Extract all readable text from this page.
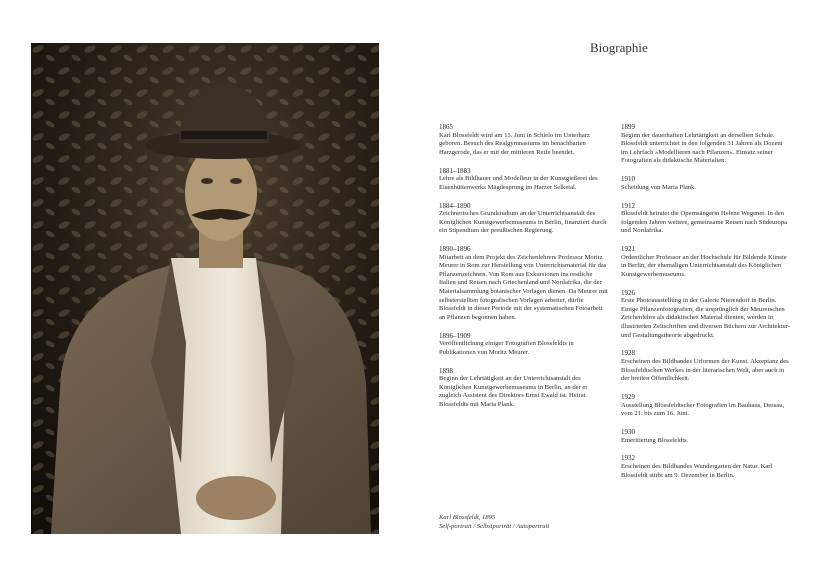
Biographie
1865
Karl Blossfeldt wird am 13. Juni in Schielo im Unterharz geboren. Besuch des Realgymnasiums im benachbarten Harzgerode, das er mit der mittleren Reife beendet.
1881–1883
Lehre als Bildhauer und Modelleur in der Kunstgießerei des Eisenhüttenwerks Mägdesprung im Harzer Selketal.
1884–1890
Zeichnerisches Grundstudium an der Unterrichtsanstalt des Königlichen Kunstgewerbemuseums in Berlin, finanziert durch ein Stipendium der preußischen Regierung.
1890–1896
Mitarbeit an dem Projekt des Zeichenlehrers Professor Moritz Meurer in Rom zur Herstellung von Unterrichtsmaterial für das Pflanzenzeichnen. Von Rom aus Exkursionen ins restliche Italien und Reisen nach Griechenland und Nordafrika, die der Materialsammlung botanischer Vorlagen dienen. Da Meurer mit selbsterstellten fotografischen Vorlagen arbeitet, dürfte Blossfeldt in dieser Periode mit der systematischen Fotoarbeit an Pflanzen begonnen haben.
1896–1909
Veröffentlichung einiger Fotografien Blossfeldts in Publikationen von Moritz Meurer.
1898
Beginn der Lehrtätigkeit an der Unterrichtsanstalt des Königlichen Kunstgewerbemuseums in Berlin, an der er zugleich Assistent des Direktors Ernst Ewald ist. Heirat Blossfeldts mit Maria Plank.
Karl Blossfeldt, 1895
Self-portrait / Selbstporträt / Autoportrait
1899
Beginn der dauerhaften Lehrtätigkeit an derselben Schule. Blossfeldt unterrichtet in den folgenden 31 Jahren als Dozent im Lehrfach »Modellieren nach Pflanzen«. Einsatz seiner Fotografien als didaktische Materialien.
1910
Scheidung von Maria Plank.
1912
Blossfeldt heiratet die Opernsängerin Helene Wegener. In den folgenden Jahren weitere, gemeinsame Reisen nach Südeuropa und Nordafrika.
1921
Ordentlicher Professor an der Hochschule für Bildende Künste in Berlin, der ehemaligen Unterrichtsanstalt des Königlichen Kunstgewerbemuseums.
1926
Erste Photoausstellung in der Galerie Nierendorf in Berlin. Einige Pflanzenfotografien, die ursprünglich der Meurerschen Zeichenlehre als didaktisches Material dienten, werden in illustrierten Zeitschriften und diversen Büchern zur Architektur- und Gestaltungstheorie abgedruckt.
1928
Erscheinen des Bildbandes Urformen der Kunst. Akzeptanz des Blossfeldtschen Werkes in der literarischen Welt, aber auch in der breiten Öffentlichkeit.
1929
Ausstellung Blossfeldtscher Fotografien im Bauhaus, Dessau, vom 21. bis zum 16. Juni.
1930
Emeritierung Blossfeldts.
1932
Erscheinen des Bildbandes Wundergarten der Natur. Karl Blossfeldt stirbt am 9. Dezember in Berlin.
